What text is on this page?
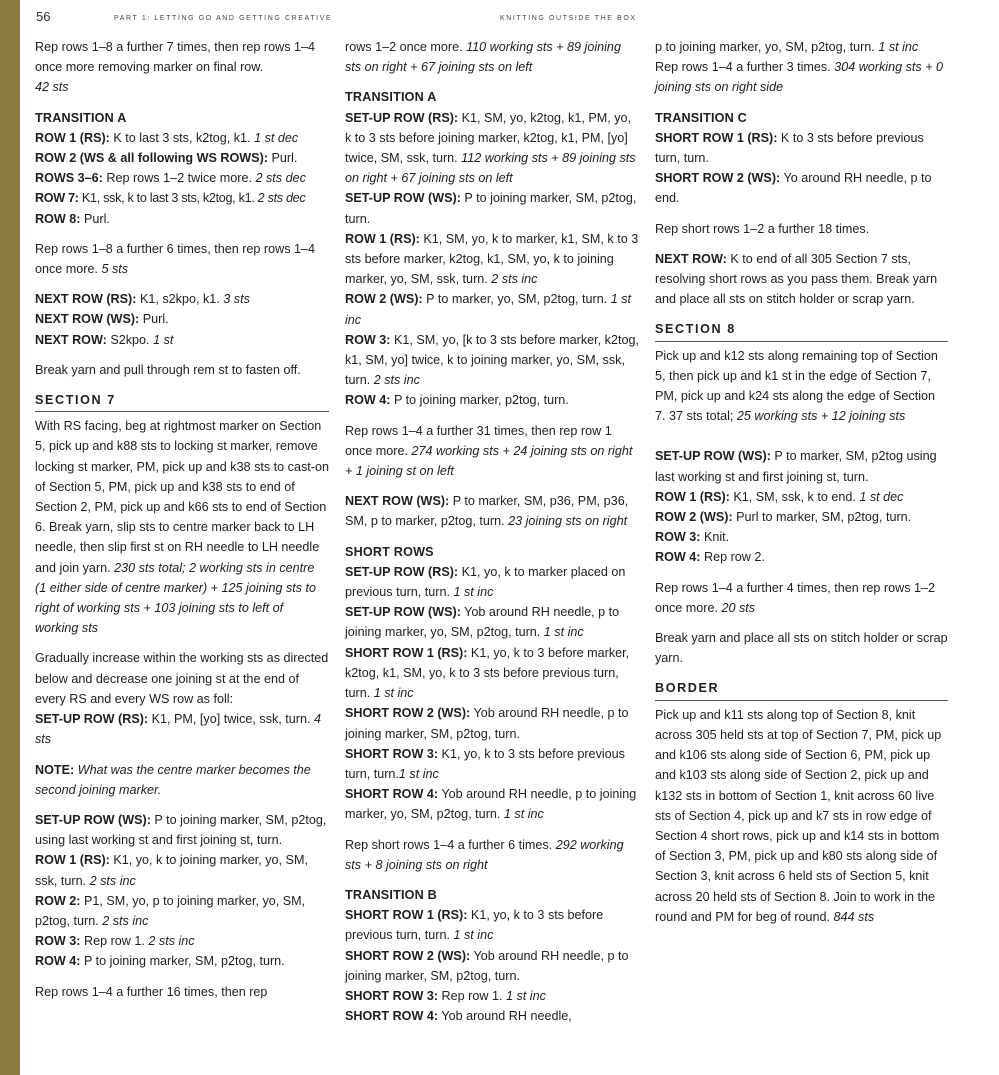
56	PART 1: LETTING GO AND GETTING CREATIVE	KNITTING OUTSIDE THE BOX

Rep rows 1–8 a further 7 times, then rep rows 1–4 once more removing marker on final row.
42 sts

TRANSITION A

ROW 1 (RS): K to last 3 sts, k2tog, k1. 1 st dec

ROW 2 (WS & all following WS ROWS): Purl.

ROWS 3–6: Rep rows 1–2 twice more. 2 sts dec

ROW 7: K1, ssk, k to last 3 sts, k2tog, k1. 2 sts dec

ROW 8: Purl.

Rep rows 1–8 a further 6 times, then rep rows 1–4 once more. 5 sts

NEXT ROW (RS): K1, s2kpo, k1. 3 sts

NEXT ROW (WS): Purl.

NEXT ROW: S2kpo. 1 st

Break yarn and pull through rem st to fasten off.

SECTION 7

With RS facing, beg at rightmost marker on Section 5, pick up and k88 sts to locking st marker, remove locking st marker, PM, pick up and k38 sts to cast-on of Section 5, PM, pick up and k38 sts to end of Section 2, PM, pick up and k66 sts to end of Section 6. Break yarn, slip sts to centre marker back to LH needle, then slip first st on RH needle to LH needle and join yarn. 230 sts total; 2 working sts in centre (1 either side of centre marker) + 125 joining sts to right of working sts + 103 joining sts to left of working sts

Gradually increase within the working sts as directed below and decrease one joining st at the end of every RS and every WS row as foll:

SET-UP ROW (RS): K1, PM, [yo] twice, ssk, turn. 4 sts

NOTE: What was the centre marker becomes the second joining marker.

SET-UP ROW (WS): P to joining marker, SM, p2tog, using last working st and first joining st, turn.

ROW 1 (RS): K1, yo, k to joining marker, yo, SM, ssk, turn. 2 sts inc

ROW 2: P1, SM, yo, p to joining marker, yo, SM, p2tog, turn. 2 sts inc

ROW 3: Rep row 1. 2 sts inc

ROW 4: P to joining marker, SM, p2tog, turn.

Rep rows 1–4 a further 16 times, then rep

rows 1–2 once more. 110 working sts + 89 joining sts on right + 67 joining sts on left

TRANSITION A

SET-UP ROW (RS): K1, SM, yo, k2tog, k1, PM, yo, k to 3 sts before joining marker, k2tog, k1, PM, [yo] twice, SM, ssk, turn. 112 working sts + 89 joining sts on right + 67 joining sts on left

SET-UP ROW (WS): P to joining marker, SM, p2tog, turn.

ROW 1 (RS): K1, SM, yo, k to marker, k1, SM, k to 3 sts before marker, k2tog, k1, SM, yo, k to joining marker, yo, SM, ssk, turn. 2 sts inc

ROW 2 (WS): P to marker, yo, SM, p2tog, turn. 1 st inc

ROW 3: K1, SM, yo, [k to 3 sts before marker, k2tog, k1, SM, yo] twice, k to joining marker, yo, SM, ssk, turn. 2 sts inc

ROW 4: P to joining marker, p2tog, turn.

Rep rows 1–4 a further 31 times, then rep row 1 once more. 274 working sts + 24 joining sts on right + 1 joining st on left

NEXT ROW (WS): P to marker, SM, p36, PM, p36, SM, p to marker, p2tog, turn. 23 joining sts on right

SHORT ROWS

SET-UP ROW (RS): K1, yo, k to marker placed on previous turn, turn. 1 st inc

SET-UP ROW (WS): Yob around RH needle, p to joining marker, yo, SM, p2tog, turn. 1 st inc

SHORT ROW 1 (RS): K1, yo, k to 3 before marker, k2tog, k1, SM, yo, k to 3 sts before previous turn, turn. 1 st inc

SHORT ROW 2 (WS): Yob around RH needle, p to joining marker, SM, p2tog, turn.

SHORT ROW 3: K1, yo, k to 3 sts before previous turn, turn.1 st inc

SHORT ROW 4: Yob around RH needle, p to joining marker, yo, SM, p2tog, turn. 1 st inc

Rep short rows 1–4 a further 6 times. 292 working sts + 8 joining sts on right

TRANSITION B

SHORT ROW 1 (RS): K1, yo, k to 3 sts before previous turn, turn. 1 st inc

SHORT ROW 2 (WS): Yob around RH needle, p to joining marker, SM, p2tog, turn.

SHORT ROW 3: Rep row 1. 1 st inc

SHORT ROW 4: Yob around RH needle,

p to joining marker, yo, SM, p2tog, turn. 1 st inc

Rep rows 1–4 a further 3 times. 304 working sts + 0 joining sts on right side

TRANSITION C

SHORT ROW 1 (RS): K to 3 sts before previous turn, turn.

SHORT ROW 2 (WS): Yo around RH needle, p to end.

Rep short rows 1–2 a further 18 times.

NEXT ROW: K to end of all 305 Section 7 sts, resolving short rows as you pass them. Break yarn and place all sts on stitch holder or scrap yarn.

SECTION 8

Pick up and k12 sts along remaining top of Section 5, then pick up and k1 st in the edge of Section 7, PM, pick up and k24 sts along the edge of Section 7. 37 sts total; 25 working sts + 12 joining sts

SET-UP ROW (WS): P to marker, SM, p2tog using last working st and first joining st, turn.

ROW 1 (RS): K1, SM, ssk, k to end. 1 st dec

ROW 2 (WS): Purl to marker, SM, p2tog, turn.

ROW 3: Knit.

ROW 4: Rep row 2.

Rep rows 1–4 a further 4 times, then rep rows 1–2 once more. 20 sts

Break yarn and place all sts on stitch holder or scrap yarn.

BORDER

Pick up and k11 sts along top of Section 8, knit across 305 held sts at top of Section 7, PM, pick up and k106 sts along side of Section 6, PM, pick up and k103 sts along side of Section 2, pick up and k132 sts in bottom of Section 1, knit across 60 live sts of Section 4, pick up and k7 sts in row edge of Section 4 short rows, pick up and k14 sts in bottom of Section 3, PM, pick up and k80 sts along side of Section 3, knit across 6 held sts of Section 5, knit across 20 held sts of Section 8. Join to work in the round and PM for beg of round. 844 sts
